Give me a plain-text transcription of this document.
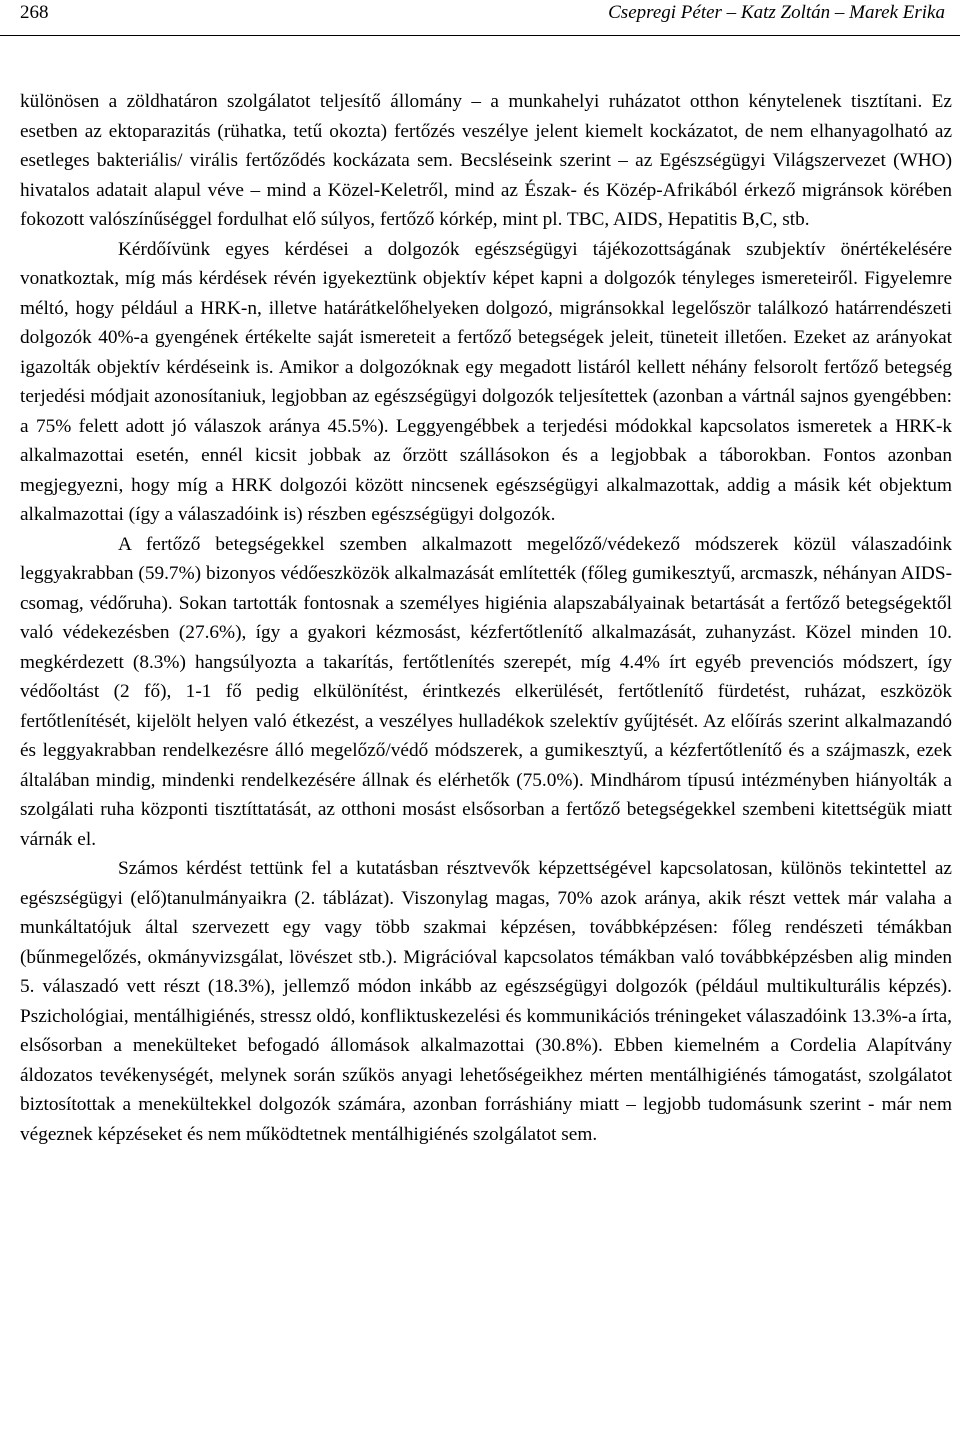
268	Csepregi Péter – Katz Zoltán – Marek Erika

különösen a zöldhatáron szolgálatot teljesítő állomány – a munkahelyi ruházatot otthon kénytelenek tisztítani. Ez esetben az ektoparazitás (rühatka, tetű okozta) fertőzés veszélye jelent kiemelt kockázatot, de nem elhanyagolható az esetleges bakteriális/ virális fertőződés kockázata sem. Becsléseink szerint – az Egészségügyi Világszervezet (WHO) hivatalos adatait alapul véve – mind a Közel-Keletről, mind az Észak- és Közép-Afrikából érkező migránsok körében fokozott valószínűséggel fordulhat elő súlyos, fertőző kórkép, mint pl. TBC, AIDS, Hepatitis B,C, stb.

Kérdőívünk egyes kérdései a dolgozók egészségügyi tájékozottságának szubjektív önértékelésére vonatkoztak, míg más kérdések révén igyekeztünk objektív képet kapni a dolgozók tényleges ismereteiről. Figyelemre méltó, hogy például a HRK-n, illetve határátkelőhelyeken dolgozó, migránsokkal legelőször találkozó határrendészeti dolgozók 40%-a gyengének értékelte saját ismereteit a fertőző betegségek jeleit, tüneteit illetően. Ezeket az arányokat igazolták objektív kérdéseink is. Amikor a dolgozóknak egy megadott listáról kellett néhány felsorolt fertőző betegség terjedési módjait azonosítaniuk, legjobban az egészségügyi dolgozók teljesítettek (azonban a vártnál sajnos gyengébben: a 75% felett adott jó válaszok aránya 45.5%). Leggyengébbek a terjedési módokkal kapcsolatos ismeretek a HRK-k alkalmazottai esetén, ennél kicsit jobbak az őrzött szállásokon és a legjobbak a táborokban. Fontos azonban megjegyezni, hogy míg a HRK dolgozói között nincsenek egészségügyi alkalmazottak, addig a másik két objektum alkalmazottai (így a válaszadóink is) részben egészségügyi dolgozók.

A fertőző betegségekkel szemben alkalmazott megelőző/védekező módszerek közül válaszadóink leggyakrabban (59.7%) bizonyos védőeszközök alkalmazását említették (főleg gumikesztyű, arcmaszk, néhányan AIDS-csomag, védőruha). Sokan tartották fontosnak a személyes higiénia alapszabályainak betartását a fertőző betegségektől való védekezésben (27.6%), így a gyakori kézmosást, kézfertőtlenítő alkalmazását, zuhanyzást. Közel minden 10. megkérdezett (8.3%) hangsúlyozta a takarítás, fertőtlenítés szerepét, míg 4.4% írt egyéb prevenciós módszert, így védőoltást (2 fő), 1-1 fő pedig elkülönítést, érintkezés elkerülését, fertőtlenítő fürdetést, ruházat, eszközök fertőtlenítését, kijelölt helyen való étkezést, a veszélyes hulladékok szelektív gyűjtését. Az előírás szerint alkalmazandó és leggyakrabban rendelkezésre álló megelőző/védő módszerek, a gumikesztyű, a kézfertőtlenítő és a szájmaszk, ezek általában mindig, mindenki rendelkezésére állnak és elérhetők (75.0%). Mindhárom típusú intézményben hiányolták a szolgálati ruha központi tisztíttatását, az otthoni mosást elsősorban a fertőző betegségekkel szembeni kitettségük miatt várnák el.

Számos kérdést tettünk fel a kutatásban résztvevők képzettségével kapcsolatosan, különös tekintettel az egészségügyi (elő)tanulmányaikra (2. táblázat). Viszonylag magas, 70% azok aránya, akik részt vettek már valaha a munkáltatójuk által szervezett egy vagy több szakmai képzésen, továbbképzésen: főleg rendészeti témákban (bűnmegelőzés, okmányvizsgálat, lövészet stb.). Migrációval kapcsolatos témákban való továbbképzésben alig minden 5. válaszadó vett részt (18.3%), jellemző módon inkább az egészségügyi dolgozók (például multikulturális képzés). Pszichológiai, mentálhigiénés, stressz oldó, konfliktuskezelési és kommunikációs tréningeket válaszadóink 13.3%-a írta, elsősorban a menekülteket befogadó állomások alkalmazottai (30.8%). Ebben kiemelném a Cordelia Alapítvány áldozatos tevékenységét, melynek során szűkös anyagi lehetőségeikhez mérten mentálhigiénés támogatást, szolgálatot biztosítottak a menekültekkel dolgozók számára, azonban forráshiány miatt – legjobb tudomásunk szerint - már nem végeznek képzéseket és nem működtetnek mentálhigiénés szolgálatot sem.
